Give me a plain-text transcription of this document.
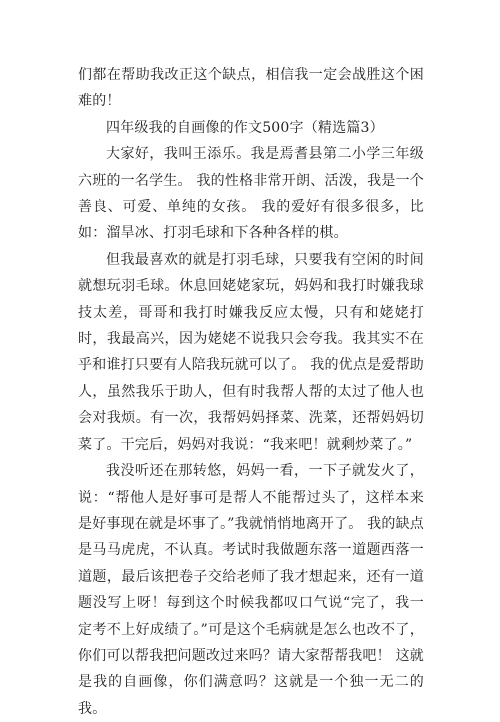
们都在帮助我改正这个缺点，相信我一定会战胜这个困难的！

四年级我的自画像的作文500字（精选篇3）

大家好，我叫王添乐。我是焉耆县第二小学三年级六班的一名学生。 我的性格非常开朗、活泼，我是一个善良、可爱、单纯的女孩。 我的爱好有很多很多，比如：溜旱冰、打羽毛球和下各种各样的棋。

但我最喜欢的就是打羽毛球，只要我有空闲的时间就想玩羽毛球。休息回姥姥家玩，妈妈和我打时嫌我球技太差，哥哥和我打时嫌我反应太慢，只有和姥姥打时，我最高兴，因为姥姥不说我只会夸我。我其实不在乎和谁打只要有人陪我玩就可以了。 我的优点是爱帮助人，虽然我乐于助人，但有时我帮人帮的太过了他人也会对我烦。有一次，我帮妈妈择菜、洗菜，还帮妈妈切菜了。干完后，妈妈对我说：“我来吧！就剩炒菜了。”

我没听还在那转悠，妈妈一看，一下子就发火了，说：“帮他人是好事可是帮人不能帮过头了，这样本来是好事现在就是坏事了。”我就悄悄地离开了。 我的缺点是马马虎虎，不认真。考试时我做题东落一道题西落一道题，最后该把卷子交给老师了我才想起来，还有一道题没写上呀！每到这个时候我都叹口气说“完了，我一定考不上好成绩了。”可是这个毛病就是怎么也改不了，你们可以帮我把问题改过来吗？请大家帮帮我吧！ 这就是我的自画像，你们满意吗？这就是一个独一无二的我。
